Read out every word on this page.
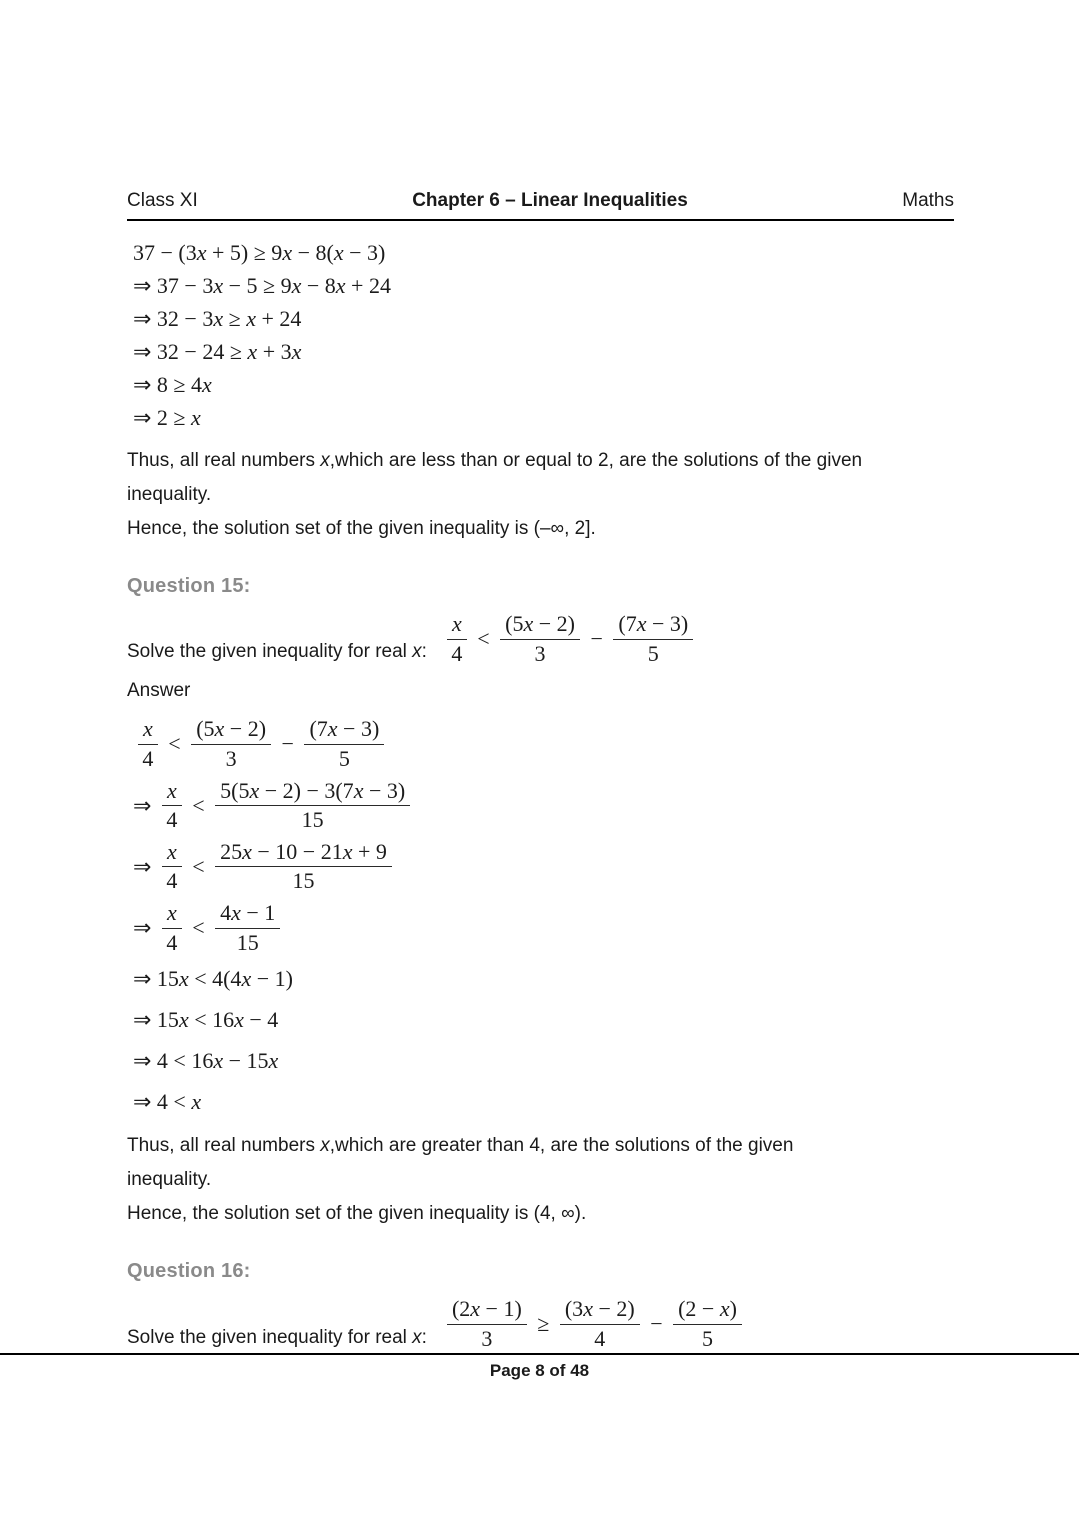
Class XI	Chapter 6 – Linear Inequalities	Maths
37 − (3x + 5) ≥ 9x − 8(x − 3)
⇒ 37 − 3x − 5 ≥ 9x − 8x + 24
⇒ 32 − 3x ≥ x + 24
⇒ 32 − 24 ≥ x + 3x
⇒ 8 ≥ 4x
⇒ 2 ≥ x
Thus, all real numbers x,which are less than or equal to 2, are the solutions of the given
inequality.
Hence, the solution set of the given inequality is (–∞, 2].
Question 15:
Solve the given inequality for real x: $\frac{x}{4} < \frac{(5x - 2)}{3} - \frac{(7x - 3)}{5}$
Answer
$\frac{x}{4} < \frac{(5x - 2)}{3} - \frac{(7x - 3)}{5}$
⇒ $\frac{x}{4} < \frac{5(5x - 2) - 3(7x - 3)}{15}$
⇒ $\frac{x}{4} < \frac{25x - 10 - 21x + 9}{15}$
⇒ $\frac{x}{4} < \frac{4x - 1}{15}$
⇒ 15x < 4(4x − 1)
⇒ 15x < 16x − 4
⇒ 4 < 16x − 15x
⇒ 4 < x
Thus, all real numbers x,which are greater than 4, are the solutions of the given
inequality.
Hence, the solution set of the given inequality is (4, ∞).
Question 16:
Solve the given inequality for real x: $\frac{(2x - 1)}{3} \ge \frac{(3x - 2)}{4} - \frac{(2 - x)}{5}$
Page 8 of 48
